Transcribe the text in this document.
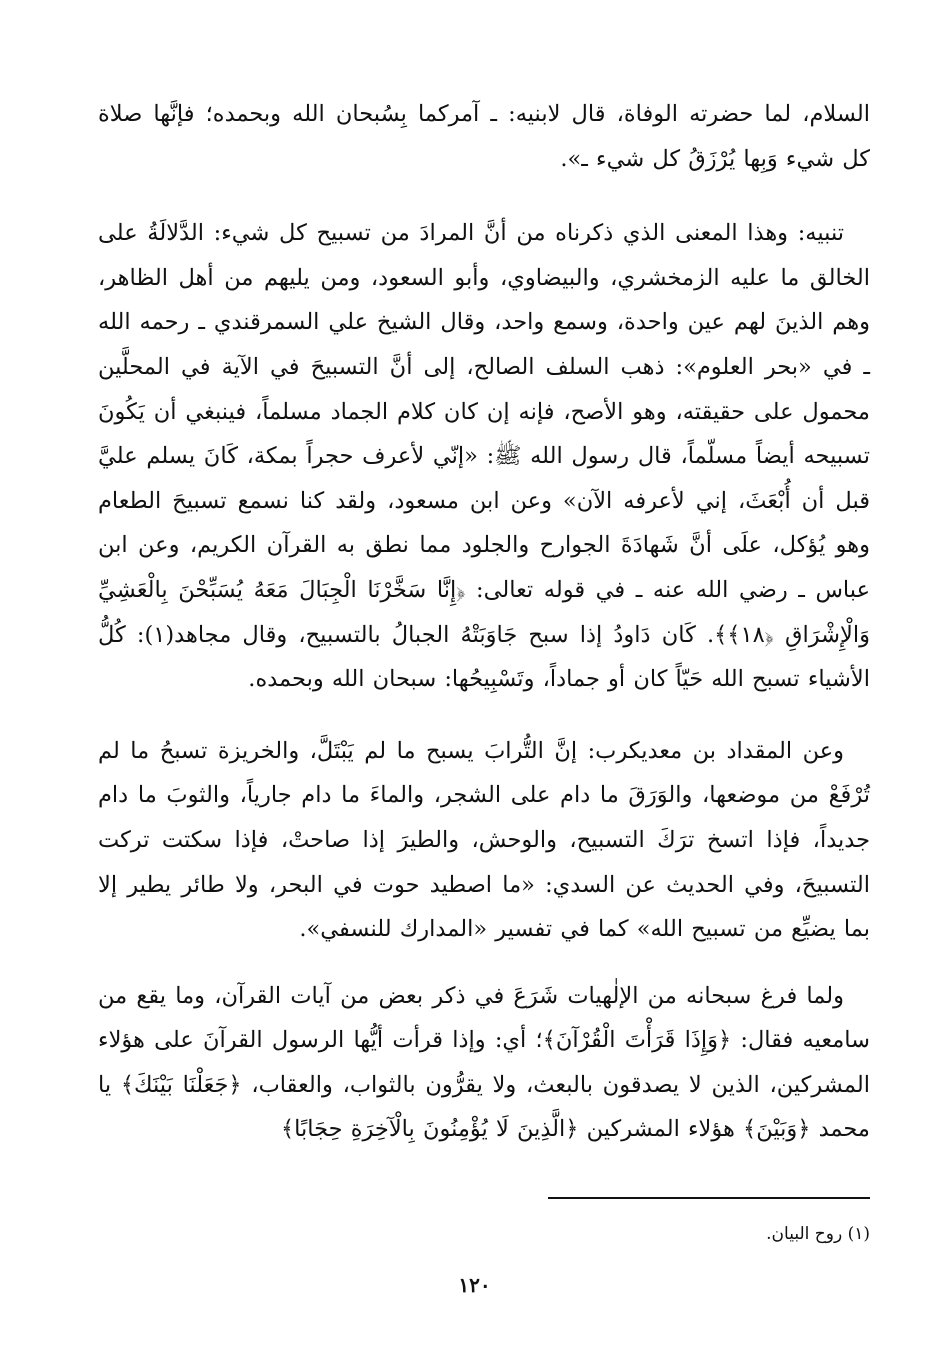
السلام، لما حضرته الوفاة، قال لابنيه: ـ آمركما بِسُبحان الله وبحمده؛ فإنَّها صلاة كل شيء وَبِها يُرْزَقُ كل شيء ـ».

تنبيه: وهذا المعنى الذي ذكرناه من أنَّ المرادَ من تسبيح كل شيء: الدَّلالَةُ على الخالق ما عليه الزمخشري، والبيضاوي، وأبو السعود، ومن يليهم من أهل الظاهر، وهم الذينَ لهم عين واحدة، وسمع واحد، وقال الشيخ علي السمرقندي ـ رحمه الله ـ في «بحر العلوم»: ذهب السلف الصالح، إلى أنَّ التسبيحَ في الآية في المحلَّين محمول على حقيقته، وهو الأصح، فإنه إن كان كلام الجماد مسلماً، فينبغي أن يَكُونَ تسبيحه أيضاً مسلّماً، قال رسول الله ﷺ: «إنّي لأعرف حجراً بمكة، كَانَ يسلم عليَّ قبل أن أُبْعَثَ، إني لأعرفه الآن» وعن ابن مسعود، ولقد كنا نسمع تسبيحَ الطعام وهو يُؤكل، علَى أنَّ شَهادَةَ الجوارح والجلود مما نطق به القرآن الكريم، وعن ابن عباس ـ رضي الله عنه ـ في قوله تعالى: ﴿إِنَّا سَخَّرْنَا الْجِبَالَ مَعَهُ يُسَبِّحْنَ بِالْعَشِيِّ وَالْإِشْرَاقِ ﴿١٨﴾﴾. كَان دَاودُ إذا سبح جَاوَبَتْهُ الجبالُ بالتسبيح، وقال مجاهد(١): كُلُّ الأشياء تسبح الله حَيّاً كان أو جماداً، وتَسْبِيحُها: سبحان الله وبحمده.

وعن المقداد بن معديكرب: إنَّ التُّرابَ يسبح ما لم يَبْتَلَّ، والخريزة تسبحُ ما لم تُرْفَعْ من موضعها، والوَرَقَ ما دام على الشجر، والماءَ ما دام جارياً، والثوبَ ما دام جديداً، فإذا اتسخ ترَكَ التسبيح، والوحش، والطيرَ إذا صاحتْ، فإذا سكتت تركت التسبيحَ، وفي الحديث عن السدي: «ما اصطيد حوت في البحر، ولا طائر يطير إلا بما يضيِّع من تسبيح الله» كما في تفسير «المدارك للنسفي».

ولما فرغ سبحانه من الإلٰهيات شَرَعَ في ذكر بعض من آيات القرآن، وما يقع من سامعيه فقال: ﴿وَإِذَا قَرَأْتَ الْقُرْآنَ﴾؛ أي: وإذا قرأت أيُّها الرسول القرآنَ على هؤلاء المشركين، الذين لا يصدقون بالبعث، ولا يقرُّون بالثواب، والعقاب، ﴿جَعَلْنَا بَيْنَكَ﴾ يا محمد ﴿وَبَيْنَ﴾ هؤلاء المشركين ﴿الَّذِينَ لَا يُؤْمِنُونَ بِالْآخِرَةِ حِجَابًا﴾

(١) روح البيان.
١٢٠
